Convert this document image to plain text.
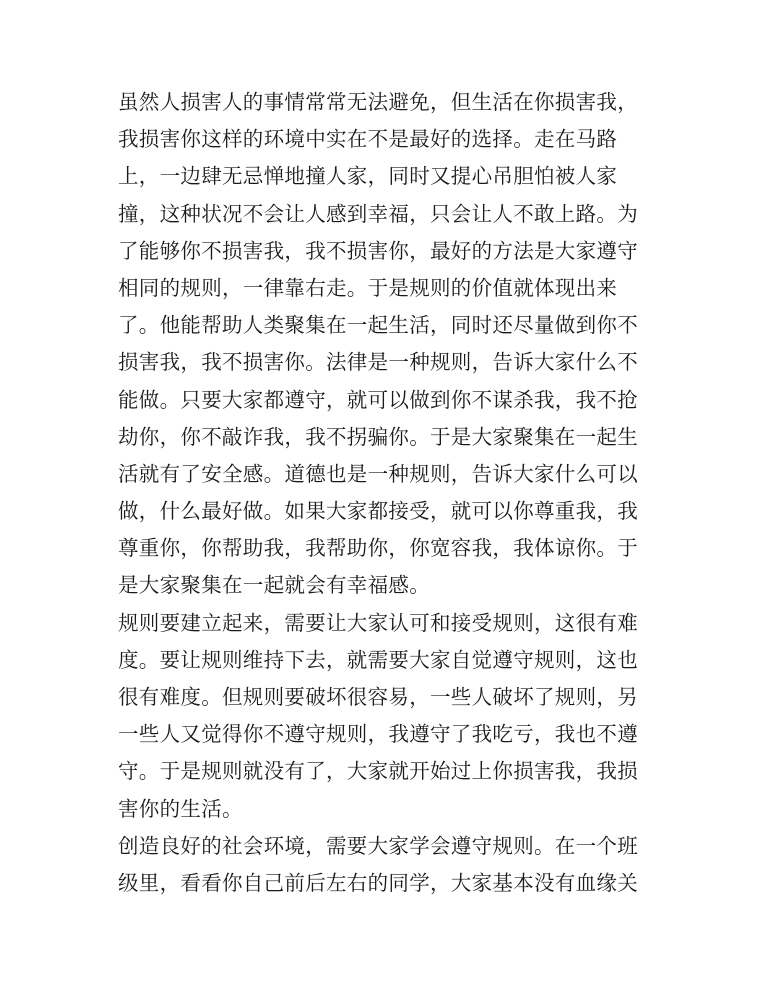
虽然人损害人的事情常常无法避免，但生活在你损害我，
我损害你这样的环境中实在不是最好的选择。走在马路
上，一边肆无忌惮地撞人家，同时又提心吊胆怕被人家
撞，这种状况不会让人感到幸福，只会让人不敢上路。为
了能够你不损害我，我不损害你，最好的方法是大家遵守
相同的规则，一律靠右走。于是规则的价值就体现出来
了。他能帮助人类聚集在一起生活，同时还尽量做到你不
损害我，我不损害你。法律是一种规则，告诉大家什么不
能做。只要大家都遵守，就可以做到你不谋杀我，我不抢
劫你，你不敲诈我，我不拐骗你。于是大家聚集在一起生
活就有了安全感。道德也是一种规则，告诉大家什么可以
做，什么最好做。如果大家都接受，就可以你尊重我，我
尊重你，你帮助我，我帮助你，你宽容我，我体谅你。于
是大家聚集在一起就会有幸福感。
规则要建立起来，需要让大家认可和接受规则，这很有难
度。要让规则维持下去，就需要大家自觉遵守规则，这也
很有难度。但规则要破坏很容易，一些人破坏了规则，另
一些人又觉得你不遵守规则，我遵守了我吃亏，我也不遵
守。于是规则就没有了，大家就开始过上你损害我，我损
害你的生活。
创造良好的社会环境，需要大家学会遵守规则。在一个班
级里，看看你自己前后左右的同学，大家基本没有血缘关
